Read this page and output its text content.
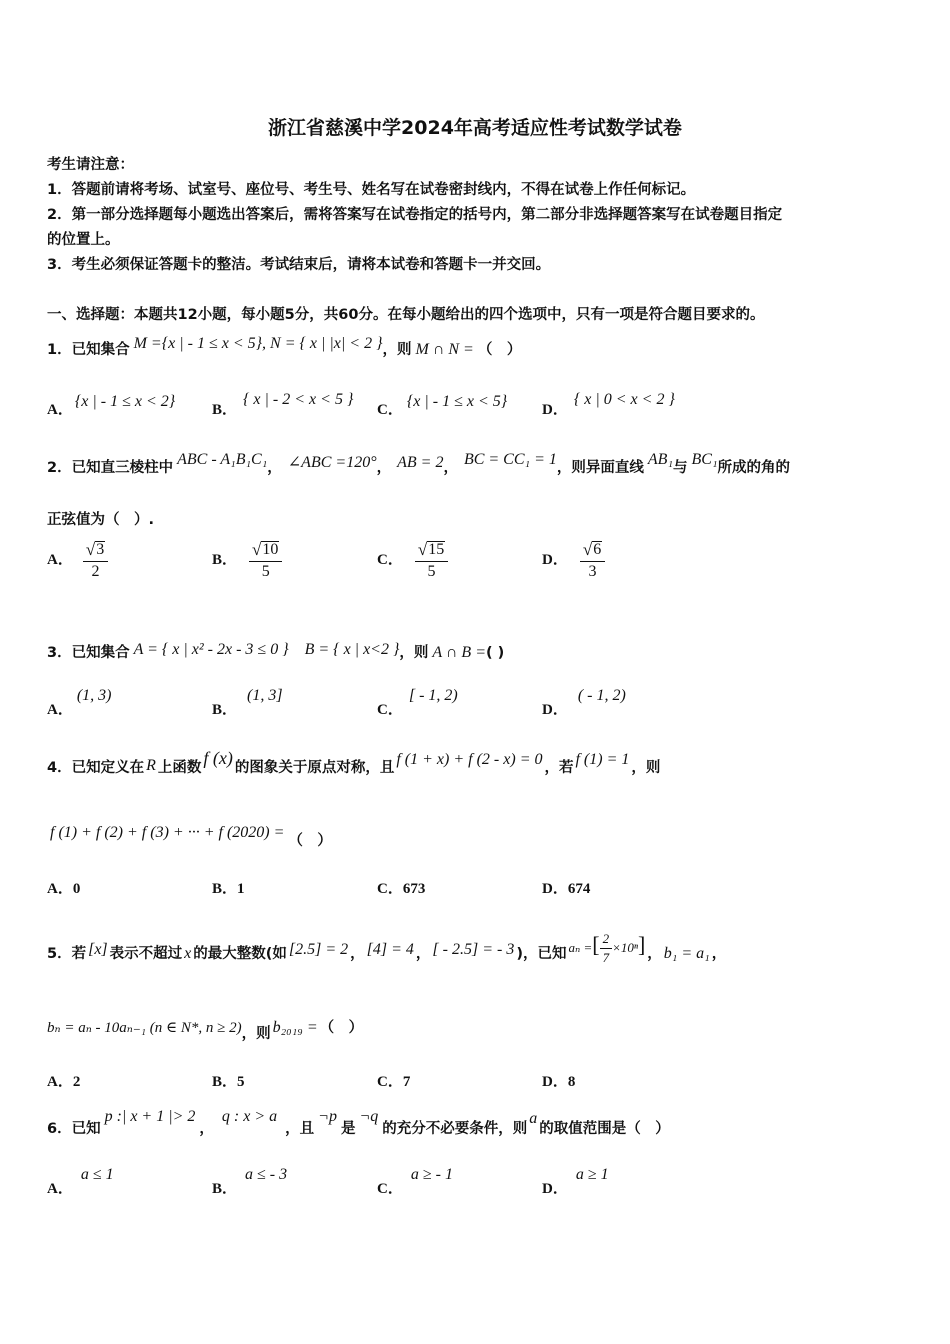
浙江省慈溪中学2024年高考适应性考试数学试卷
考生请注意：
1．答题前请将考场、试室号、座位号、考生号、姓名写在试卷密封线内，不得在试卷上作任何标记。
2．第一部分选择题每小题选出答案后，需将答案写在试卷指定的括号内，第二部分非选择题答案写在试卷题目指定
的位置上。
3．考生必须保证答题卡的整洁。考试结束后，请将本试卷和答题卡一并交回。
一、选择题：本题共12小题，每小题5分，共60分。在每小题给出的四个选项中，只有一项是符合题目要求的。
1．已知集合 M ={x | - 1 ≤ x < 5}, N = { x | |x| < 2 }，则 M ∩ N = （　）
A． {x | - 1 ≤ x < 2} B．{ x | - 2 < x < 5 }
C． {x | - 1 ≤ x < 5} D．{ x | 0 < x < 2 }
2．已知直三棱柱中 ABC - A₁B₁C₁， ∠ABC =120°， AB = 2， BC = CC₁ = 1，则异面直线 AB₁与 BC₁所成的角的
正弦值为（　）.
A． $\frac{√ 3}{2}$	B． $\frac{√ 10}{5}$	C． $\frac{√ 15}{5}$	D． $\frac{√ 6}{3}$
3．已知集合 A = { x | x² - 2x - 3 ≤ 0 }　B = { x | x<2 }，则 A ∩ B =( )
A．(1, 3)
B．(1, 3]
C．[ - 1, 2)
D．( - 1, 2)
4．已知定义在 R 上函数 f (x) 的图象关于原点对称，且 f (1 + x) + f (2 - x) = 0 ，若 f (1) = 1 ，则
f (1) + f (2) + f (3) + ··· + f (2020) = （　）
A．0	B．1	C．673	D．674
5．若 [x] 表示不超过 x 的最大整数(如 [2.5] = 2 ， [4] = 4 ， [ - 2.5] = - 3 )，已知 aₙ =[ $\frac{2}{7} \times 10^n$] ， b₁ = a₁ ，
bₙ = aₙ - 10aₙ₋₁ (n ∈ N*, n ≥ 2)，则 b₂₀₁₉ = （　）
A．2	B．5	C．7	D．8
6．已知p :| x + 1 |> 2，q : x > a，且¬p是¬q的充分不必要条件，则a的取值范围是（　）
A．a ≤ 1
B．a ≤ - 3
C．a ≥ - 1
D．a ≥ 1
